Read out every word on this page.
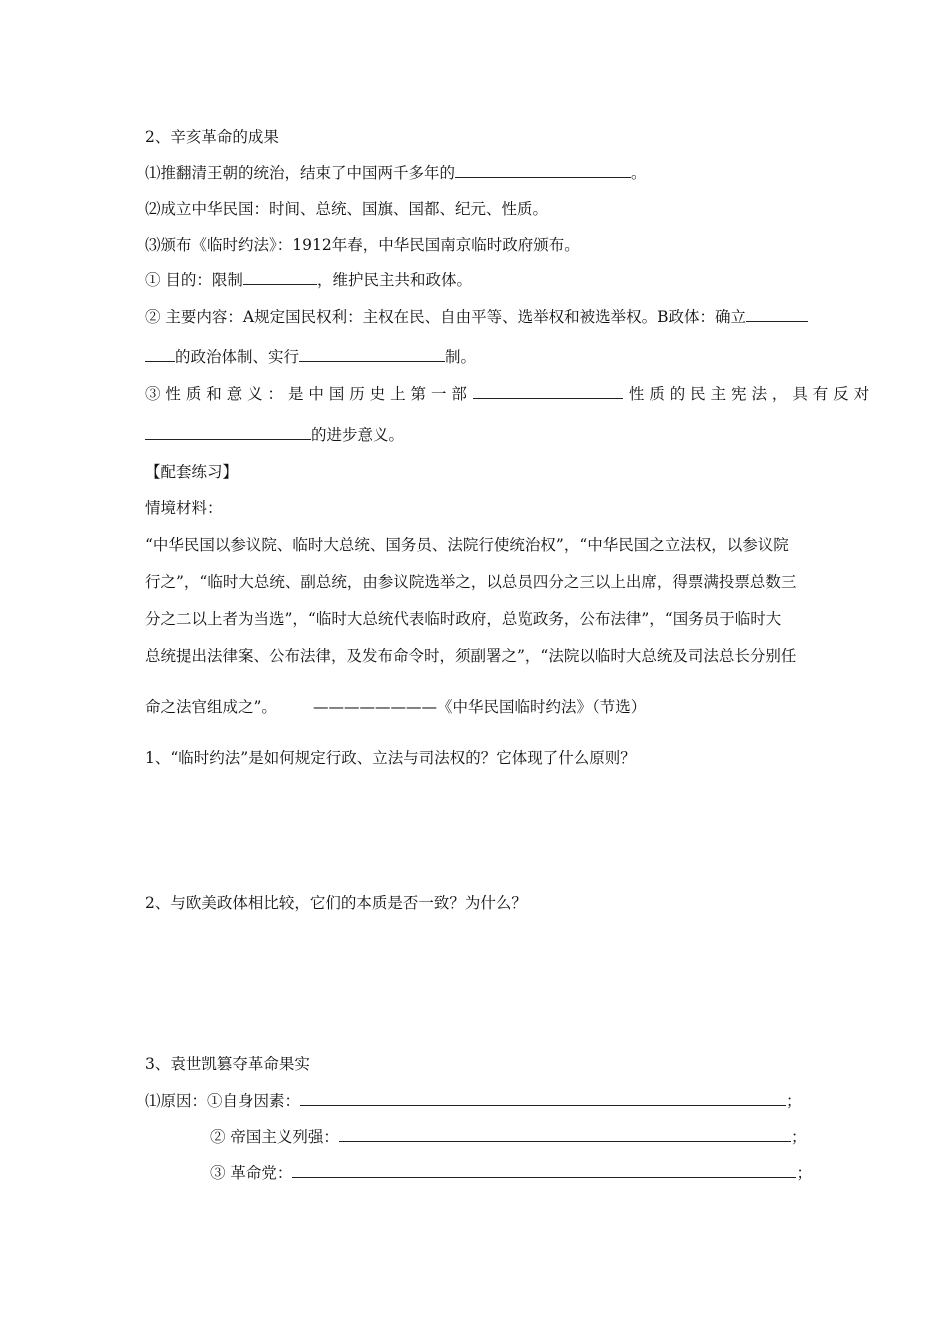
2、辛亥革命的成果
⑴推翻清王朝的统治，结束了中国两千多年的	。
⑵成立中华民国：时间、总统、国旗、国都、纪元、性质。
⑶颁布《临时约法》：1912年春，中华民国南京临时政府颁布。
① 目的：限制	，维护民主共和政体。
② 主要内容：A规定国民权利：主权在民、自由平等、选举权和被选举权。B政体：确立
的政治体制、实行	制。
③ 性 质 和 意 义 ： 是 中 国 历 史 上 第 一 部	性 质 的 民 主 宪 法 ， 具 有 反 对
的进步意义。
【配套练习】
情境材料：
“中华民国以参议院、临时大总统、国务员、法院行使统治权”，“中华民国之立法权，以参议院
行之”，“临时大总统、副总统，由参议院选举之，以总员四分之三以上出席，得票满投票总数三
分之二以上者为当选”，“临时大总统代表临时政府，总览政务，公布法律”，“国务员于临时大
总统提出法律案、公布法律，及发布命令时，须副署之”，“法院以临时大总统及司法总长分别任
命之法官组成之”。 ————————《中华民国临时约法》（节选）
1、“临时约法”是如何规定行政、立法与司法权的？它体现了什么原则？
2、与欧美政体相比较，它们的本质是否一致？为什么？
3、袁世凯篡夺革命果实
⑴原因：①自身因素：	；
② 帝国主义列强：	；
③ 革命党：	；
